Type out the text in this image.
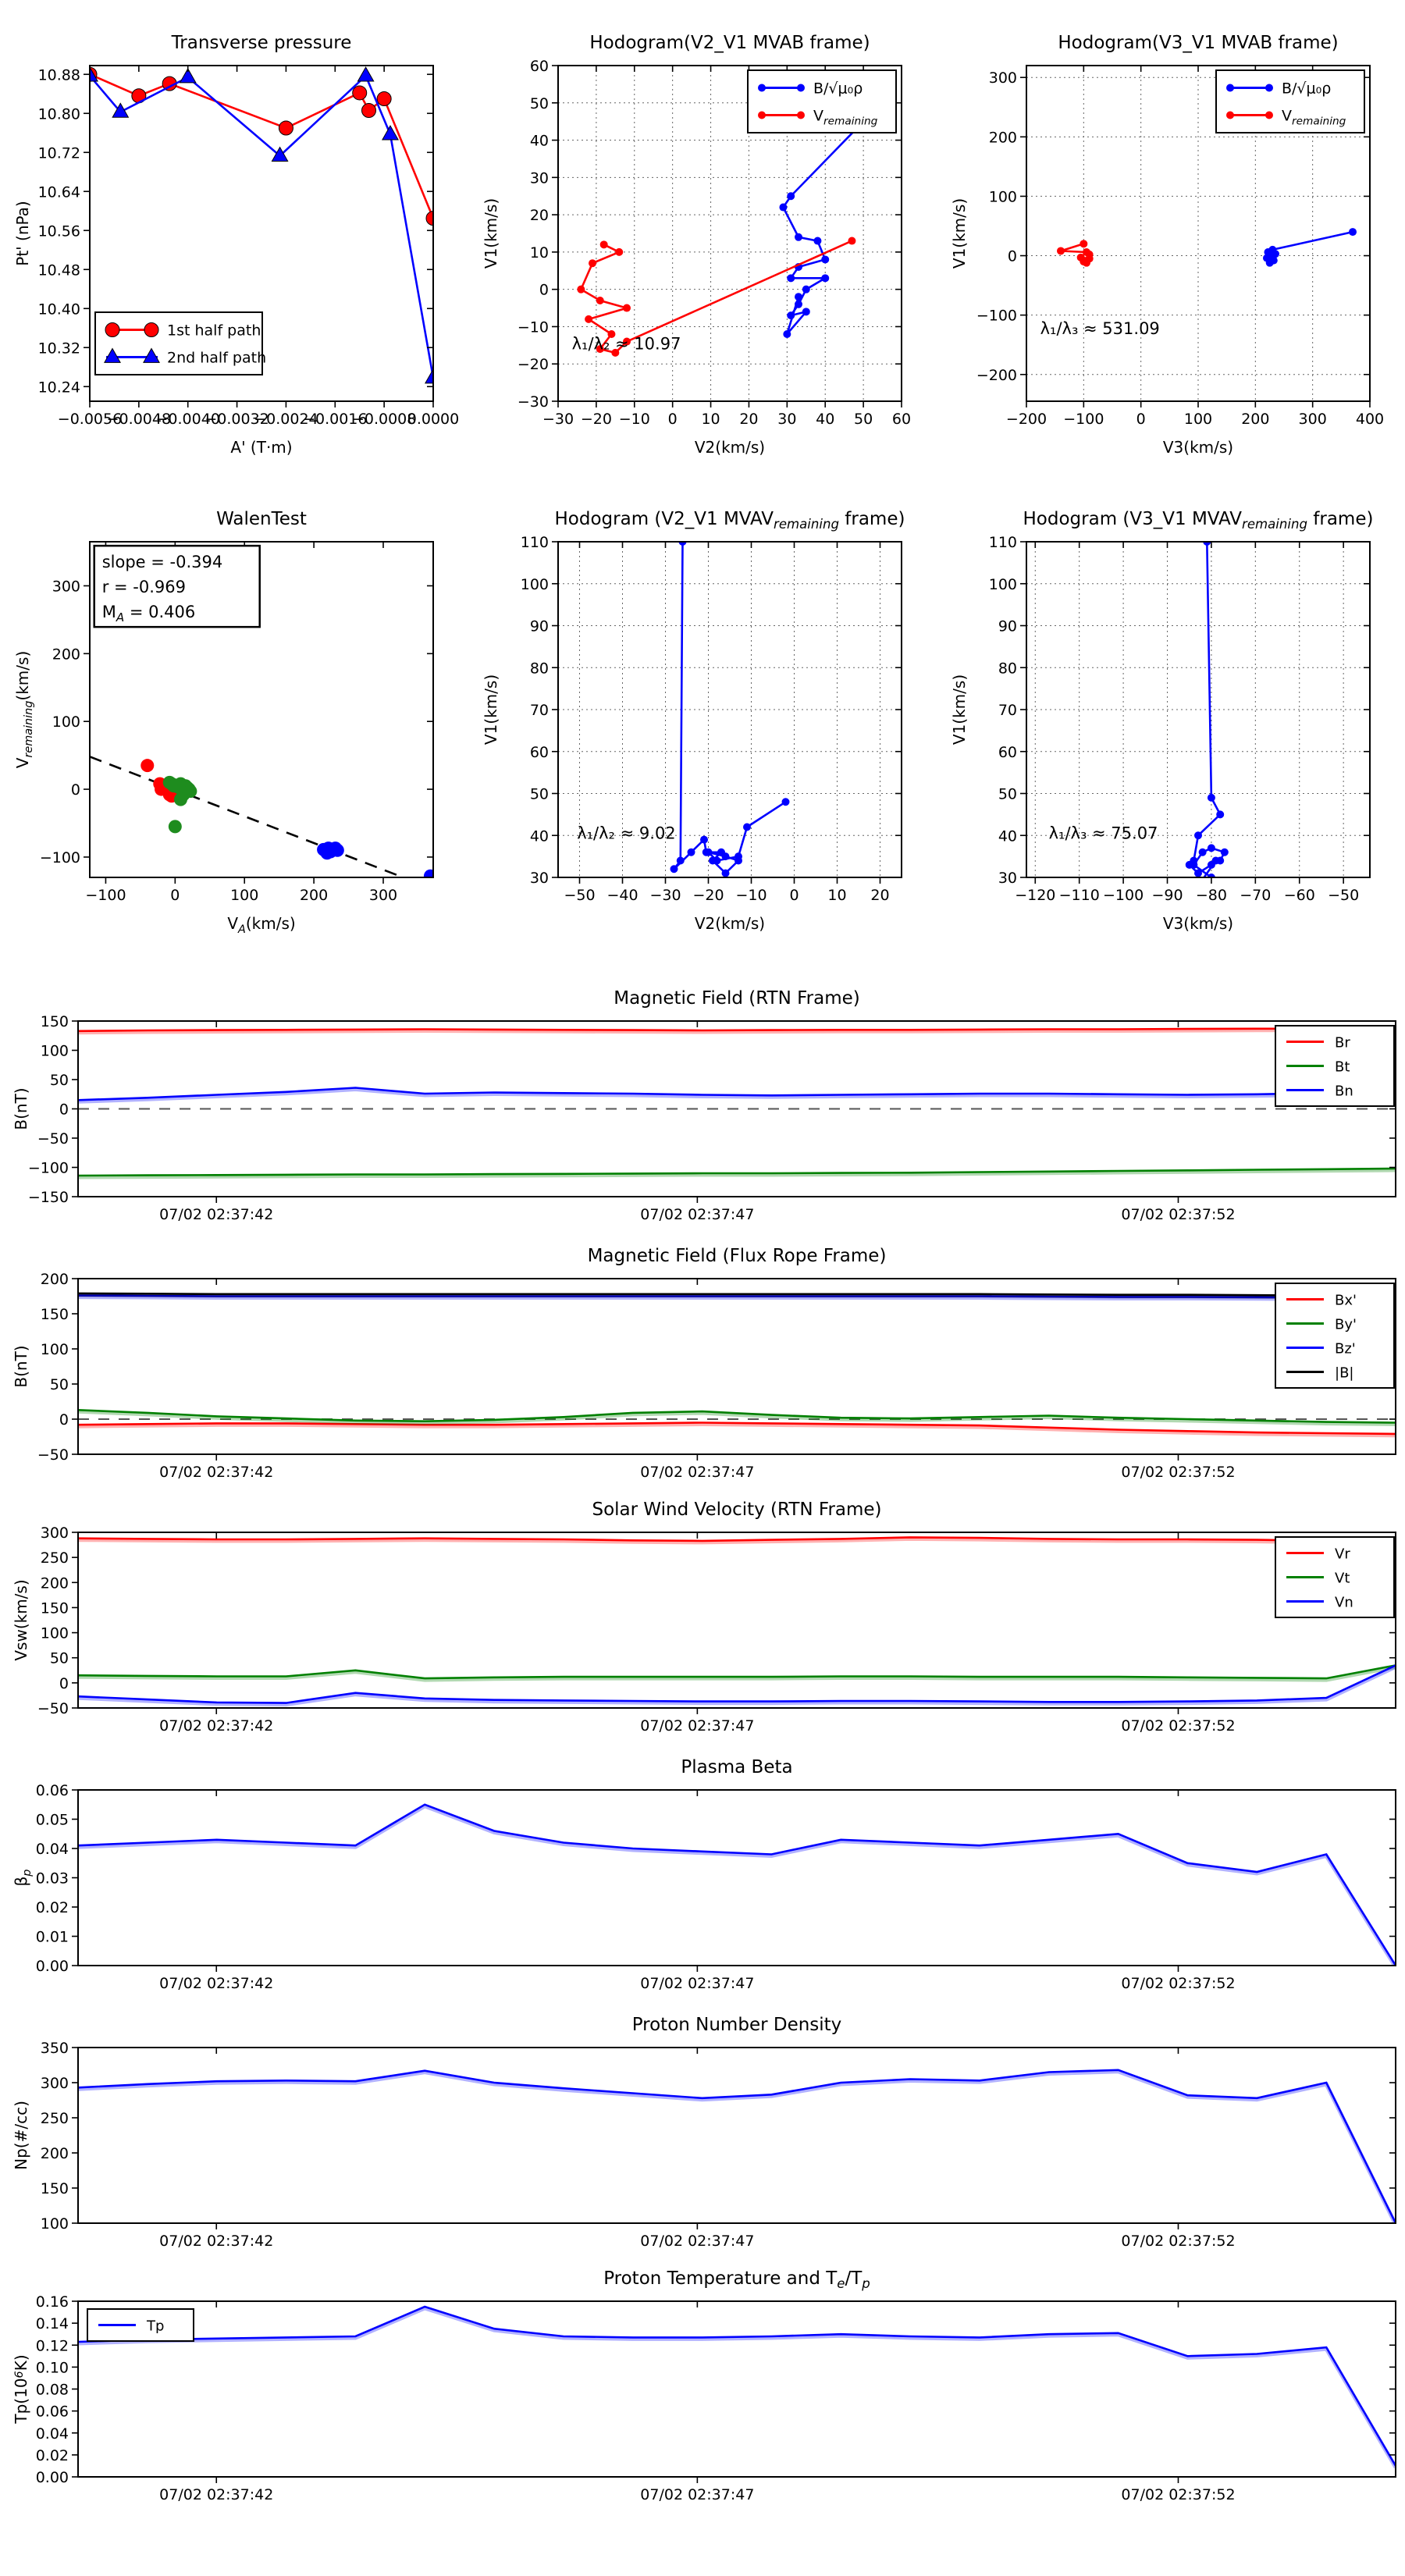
−0.0056
−0.0048
−0.0040
−0.0032
−0.0024
−0.0016
−0.0008
0.0000
10.24
10.32
10.40
10.48
10.56
10.64
10.72
10.80
10.88
Transverse pressure
A' (T·m)
Pt' (nPa)
1st half path
2nd half path
−30 −20 −10 0 10 20 30 40 50 60
−30
−20
−10
0
10
20
30
40
50
60
Hodogram(V2_V1 MVAB frame)
V2(km/s)
V1(km/s)
B/√μ₀ρ
$V_{remaining}$
λ₁/λ₂ ≈ 10.97
−200 −100 0	100 200 300 400
−200
−100
0
100
200
300
Hodogram(V3_V1 MVAB frame)
V3(km/s)
V1(km/s)
B/√μ₀ρ
$V_{remaining}$
λ₁/λ₃ ≈ 531.09
−100	0	100	200	300
−100
0
100
200
300
WalenTest
$V_A(km/s)$
$V_{remaining}(km/s)$
slope = -0.394
r = -0.969
$M_A = 0.406$
−50 −40 −30 −20 −10 0 10 20
30
40
50
60
70
80
90
100
110
Hodogram (V2_V1 $MVAV_{remaining}$ frame)
V2(km/s)
V1(km/s)
λ₁/λ₂ ≈ 9.02
−120 −110 −100 −90 −80 −70 −60 −50
30
40
50
60
70
80
90
100
110
Hodogram (V3_V1 $MVAV_{remaining}$ frame)
V3(km/s)
V1(km/s)
λ₁/λ₃ ≈ 75.07
07/02 02:37:42	07/02 02:37:47	07/02 02:37:52
−150
−100
−50
0
50
100
150
Magnetic Field (RTN Frame)
B(nT)
Br
Bt
Bn
07/02 02:37:42	07/02 02:37:47	07/02 02:37:52
−50
0
50
100
150
200
Magnetic Field (Flux Rope Frame)
B(nT)
Bx'
By'
Bz'
|B|
07/02 02:37:42	07/02 02:37:47	07/02 02:37:52
−50
0
50
100
150
200
250
300
Solar Wind Velocity (RTN Frame)
Vsw(km/s)
Vr
Vt
Vn
07/02 02:37:42	07/02 02:37:47	07/02 02:37:52
0.00
0.01
0.02
0.03
0.04
0.05
0.06
Plasma Beta
$\beta_p$
07/02 02:37:42	07/02 02:37:47	07/02 02:37:52
100
150
200
250
300
350
Proton Number Density
Np(#/cc)
07/02 02:37:42	07/02 02:37:47	07/02 02:37:52
0.00
0.02
0.04
0.06
0.08
0.10
0.12
0.14
0.16
Proton Temperature and $T_e/T_p$
$Tp(10^6K)$
Tp
